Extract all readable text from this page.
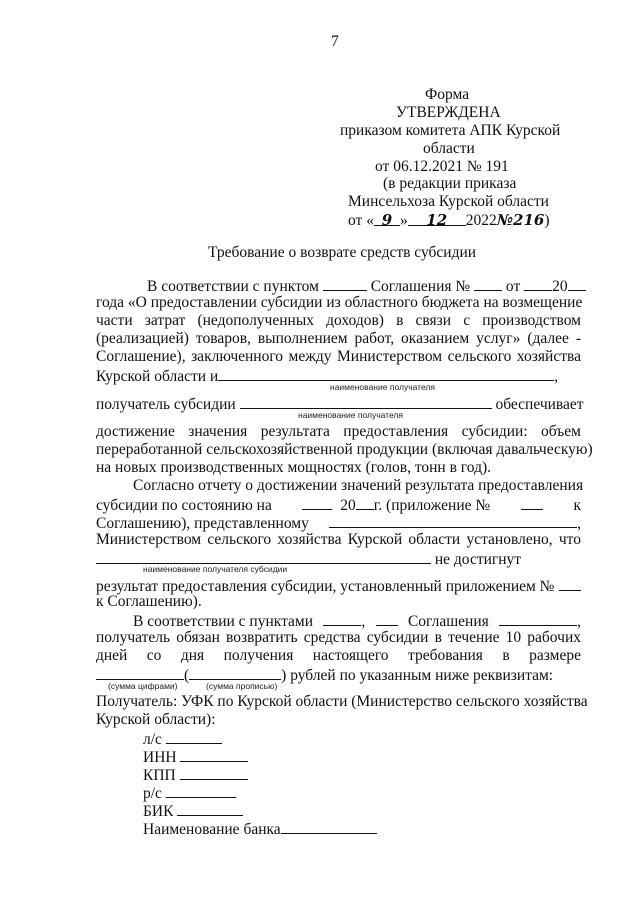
7
Форма
УТВЕРЖДЕНА
приказом комитета АПК Курской
области
от 06.12.2021 № 191
(в редакции приказа
Минсельхоза Курской области
от « 9 » 12 2022№216)
Требование о возврате средств субсидии
В соответствии с пунктом	Соглашения № от 20
года «О предоставлении субсидии из областного бюджета на возмещение
части затрат (недополученных доходов) в связи с производством
(реализацией) товаров, выполнением работ, оказанием услуг» (далее -
Соглашение), заключенного между Министерством сельского хозяйства
Курской области и	,
наименование получателя
получатель субсидии	обеспечивает
наименование получателя
достижение значения результата предоставления субсидии: объем
переработанной сельскохозяйственной продукции (включая давальческую)
на новых производственных мощностях (голов, тонн в год).
Согласно отчету о достижении значений результата предоставления
субсидии по состоянию на	20 г. (приложение №	к
Соглашению), представленному	,
Министерством сельского хозяйства Курской области установлено, что
не достигнут
наименование получателя субсидии
результат предоставления субсидии, установленный приложением №
к Соглашению).
В соответствии с пунктами	,	Соглашения	,
получатель обязан возвратить средства субсидии в течение 10 рабочих
дней со дня получения настоящего требования в размере
(	) рублей по указанным ниже реквизитам:
(сумма цифрами)	(сумма прописью)
Получатель: УФК по Курской области (Министерство сельского хозяйства
Курской области):
л/с
ИНН
КПП
р/с
БИК
Наименование банка
